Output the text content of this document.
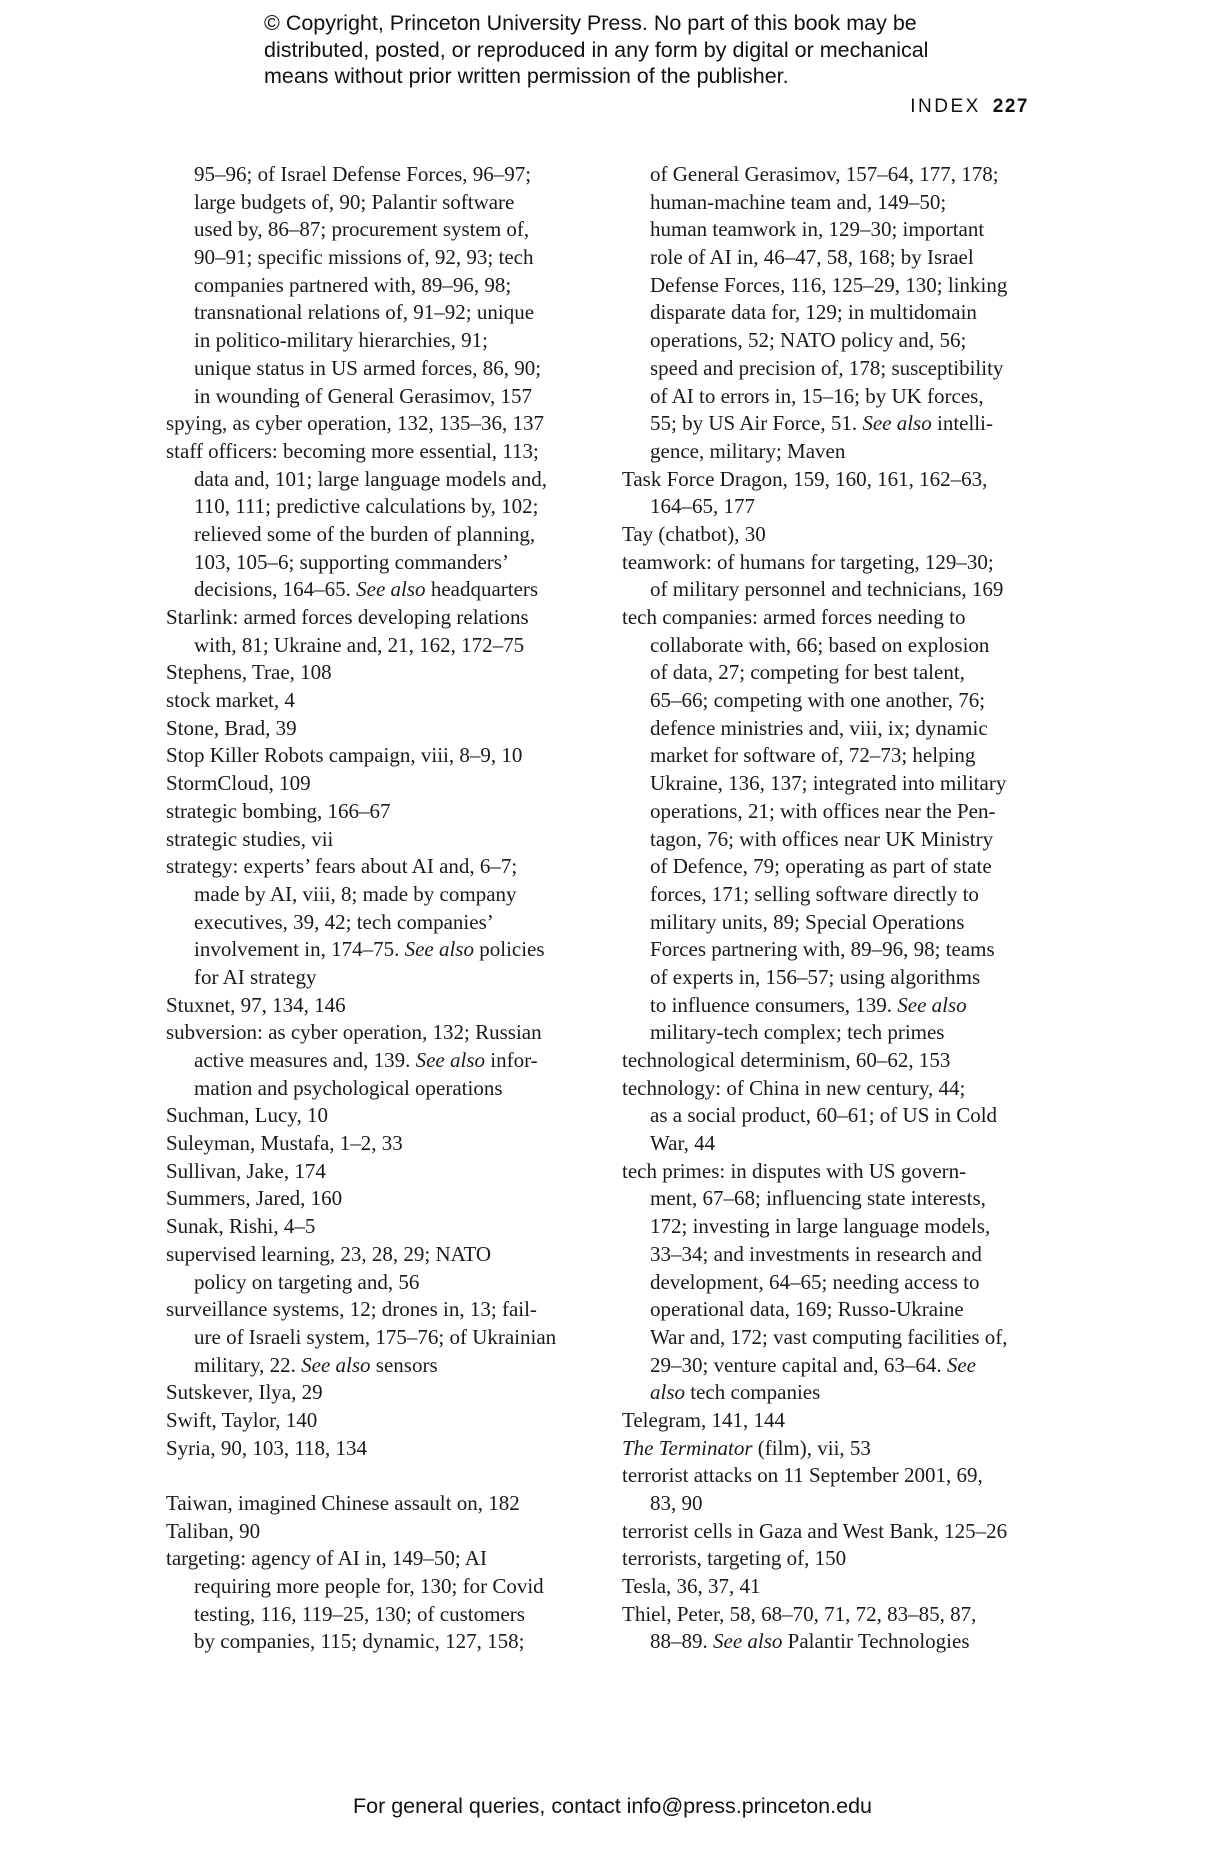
© Copyright, Princeton University Press. No part of this book may be

distributed, posted, or reproduced in any form by digital or mechanical

means without prior written permission of the publisher.

INDEX 227
95–96; of Israel Defense Forces, 96–97;
large budgets of, 90; Palantir software
used by, 86–87; procurement system of,
90–91; specific missions of, 92, 93; tech
companies partnered with, 89–96, 98;
transnational relations of, 91–92; unique
in politico-military hierarchies, 91;
unique status in US armed forces, 86, 90;
in wounding of General Gerasimov, 157
spying, as cyber operation, 132, 135–36, 137
staff officers: becoming more essential, 113;
data and, 101; large language models and,
110, 111; predictive calculations by, 102;
relieved some of the burden of planning,
103, 105–6; supporting commanders’
decisions, 164–65. See also headquarters
Starlink: armed forces developing relations
with, 81; Ukraine and, 21, 162, 172–75
Stephens, Trae, 108
stock market, 4
Stone, Brad, 39
Stop Killer Robots campaign, viii, 8–9, 10
StormCloud, 109
strategic bombing, 166–67
strategic studies, vii
strategy: experts’ fears about AI and, 6–7;
made by AI, viii, 8; made by company
executives, 39, 42; tech companies’
involvement in, 174–75. See also policies
for AI strategy
Stuxnet, 97, 134, 146
subversion: as cyber operation, 132; Russian
active measures and, 139. See also infor-
mation and psychological operations
Suchman, Lucy, 10
Suleyman, Mustafa, 1–2, 33
Sullivan, Jake, 174
Summers, Jared, 160
Sunak, Rishi, 4–5
supervised learning, 23, 28, 29; NATO
policy on targeting and, 56
surveillance systems, 12; drones in, 13; fail-
ure of Israeli system, 175–76; of Ukrainian
military, 22. See also sensors
Sutskever, Ilya, 29
Swift, Taylor, 140
Syria, 90, 103, 118, 134
Taiwan, imagined Chinese assault on, 182
Taliban, 90
targeting: agency of AI in, 149–50; AI
requiring more people for, 130; for Covid
testing, 116, 119–25, 130; of customers
by companies, 115; dynamic, 127, 158;
of General Gerasimov, 157–64, 177, 178;
human-machine team and, 149–50;
human teamwork in, 129–30; important
role of AI in, 46–47, 58, 168; by Israel
Defense Forces, 116, 125–29, 130; linking
disparate data for, 129; in multidomain
operations, 52; NATO policy and, 56;
speed and precision of, 178; susceptibility
of AI to errors in, 15–16; by UK forces,
55; by US Air Force, 51. See also intelli-
gence, military; Maven
Task Force Dragon, 159, 160, 161, 162–63,
164–65, 177
Tay (chatbot), 30
teamwork: of humans for targeting, 129–30;
of military personnel and technicians, 169
tech companies: armed forces needing to
collaborate with, 66; based on explosion
of data, 27; competing for best talent,
65–66; competing with one another, 76;
defence ministries and, viii, ix; dynamic
market for software of, 72–73; helping
Ukraine, 136, 137; integrated into military
operations, 21; with offices near the Pen-
tagon, 76; with offices near UK Ministry
of Defence, 79; operating as part of state
forces, 171; selling software directly to
military units, 89; Special Operations
Forces partnering with, 89–96, 98; teams
of experts in, 156–57; using algorithms
to influence consumers, 139. See also
military-tech complex; tech primes
technological determinism, 60–62, 153
technology: of China in new century, 44;
as a social product, 60–61; of US in Cold
War, 44
tech primes: in disputes with US govern-
ment, 67–68; influencing state interests,
172; investing in large language models,
33–34; and investments in research and
development, 64–65; needing access to
operational data, 169; Russo-Ukraine
War and, 172; vast computing facilities of,
29–30; venture capital and, 63–64. See
also tech companies
Telegram, 141, 144
The Terminator (film), vii, 53
terrorist attacks on 11 September 2001, 69,
83, 90
terrorist cells in Gaza and West Bank, 125–26
terrorists, targeting of, 150
Tesla, 36, 37, 41
Thiel, Peter, 58, 68–70, 71, 72, 83–85, 87,
88–89. See also Palantir Technologies
For general queries, contact info@press.princeton.edu
